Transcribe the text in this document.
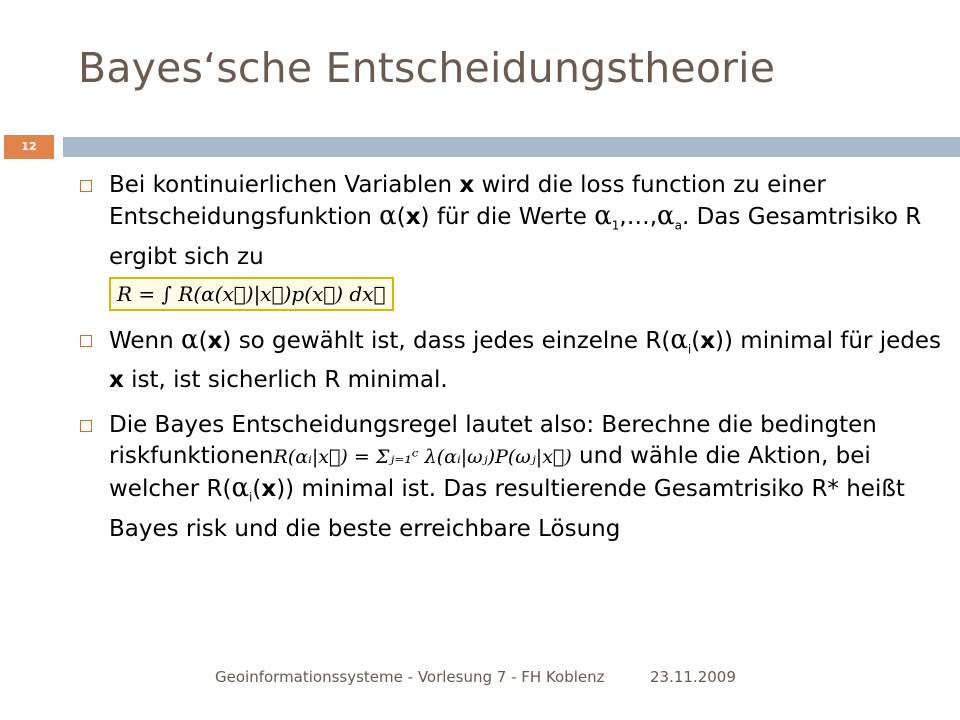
Bayes‘sche Entscheidungstheorie
12
Bei kontinuierlichen Variablen x wird die loss function zu einer Entscheidungsfunktion α(x) für die Werte $\alpha_1,\dots,\alpha_a$. Das Gesamtrisiko R ergibt sich zu
R = ∫ R(α(x⃗)|x⃗)p(x⃗) dx⃗
Wenn α(x) so gewählt ist, dass jedes einzelne $R(\alpha_i(x))$ minimal für jedes x ist, ist sicherlich R minimal.
Die Bayes Entscheidungsregel lautet also: Berechne die bedingten riskfunktionenR(αᵢ|x⃗) = Σⱼ₌₁ᶜ λ(αᵢ|ωⱼ)P(ωⱼ|x⃗) und wähle die Aktion, bei welcher $R(\alpha_i(x))$ minimal ist. Das resultierende Gesamtrisiko R* heißt Bayes risk und die beste erreichbare Lösung
Geoinformationssysteme - Vorlesung 7 - FH Koblenz	23.11.2009
